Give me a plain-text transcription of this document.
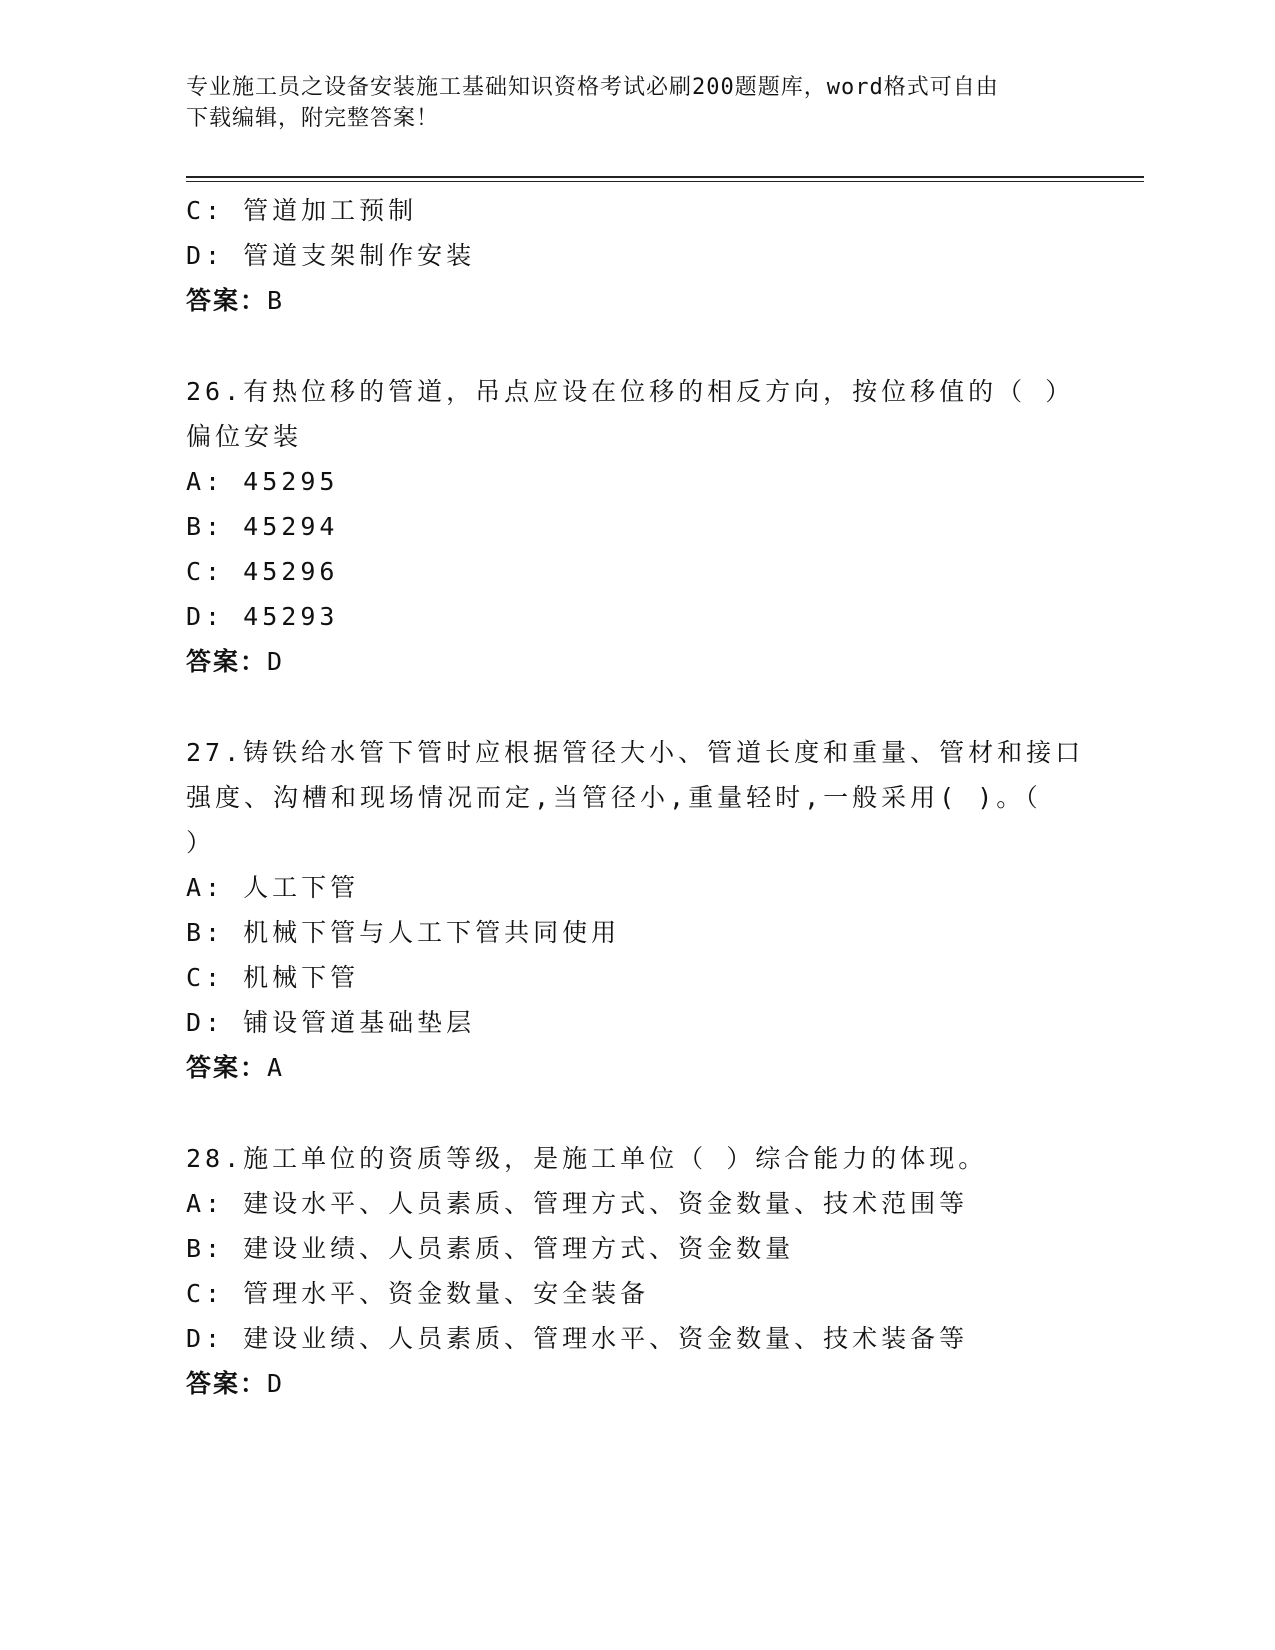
专业施工员之设备安装施工基础知识资格考试必刷200题题库，word格式可自由
下载编辑，附完整答案！
C: 管道加工预制
D: 管道支架制作安装
答案：B
26.有热位移的管道，吊点应设在位移的相反方向，按位移值的（ ）
偏位安装
A: 45295
B: 45294
C: 45296
D: 45293
答案：D
27.铸铁给水管下管时应根据管径大小、管道长度和重量、管材和接口
强度、沟槽和现场情况而定,当管径小,重量轻时,一般采用( )。（
）
A: 人工下管
B: 机械下管与人工下管共同使用
C: 机械下管
D: 铺设管道基础垫层
答案：A
28.施工单位的资质等级，是施工单位（ ）综合能力的体现。
A: 建设水平、人员素质、管理方式、资金数量、技术范围等
B: 建设业绩、人员素质、管理方式、资金数量
C: 管理水平、资金数量、安全装备
D: 建设业绩、人员素质、管理水平、资金数量、技术装备等
答案：D
